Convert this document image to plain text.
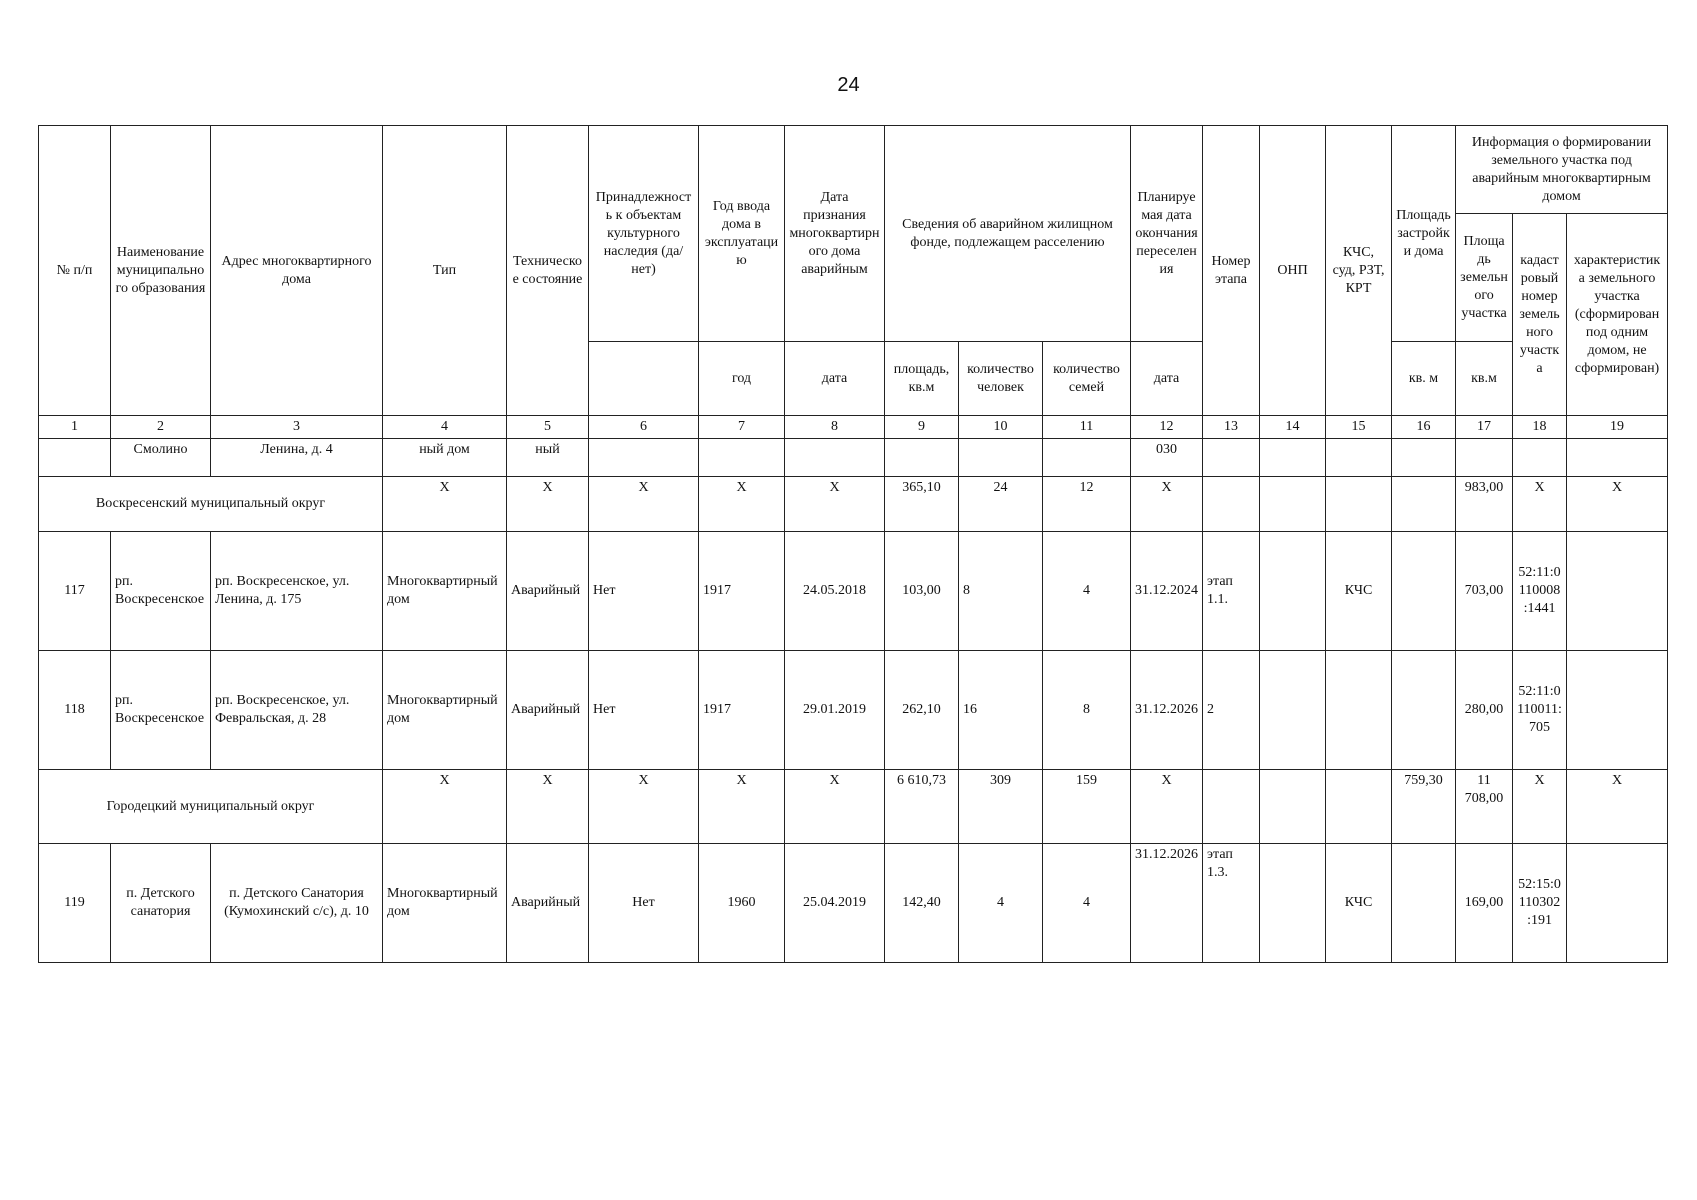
24
№ п/п	Наименование муниципального образования	Адрес многоквартирного дома	Тип	Техническое состояние	Принадлежность к объектам культурного наследия (да/нет)	Год ввода дома в эксплуатацию	Дата признания многоквартирного дома аварийным	Сведения об аварийном жилищном фонде, подлежащем расселению			Планируемая дата окончания переселения	Номер этапа	ОНП	КЧС, суд, РЗТ, КРТ	Площадь застройки дома	Информация о формировании земельного участка под аварийным многоквартирным домом		
																Площадь земельного участка	кадастровый номер земельного участка	характеристика земельного участка (сформирован под одним домом, не сформирован)
						год	дата	площадь, кв.м	количество человек	количество семей	дата				кв. м	кв.м		
1	2	3	4	5	6	7	8	9	10	11	12	13	14	15	16	17	18	19
	Смолино	Ленина, д. 4	ный дом	ный							030							
Воскресенский муниципальный округ			X	X	X	X	X	365,10	24	12	X					983,00	X	X
117	рп. Воскресенское	рп. Воскресенское, ул. Ленина, д. 175	Многоквартирный дом	Аварийный	Нет	1917	24.05.2018	103,00	8	4	31.12.2024	этап 1.1.		КЧС		703,00	52:11:0110008:1441	
118	рп. Воскресенское	рп. Воскресенское, ул. Февральская, д. 28	Многоквартирный дом	Аварийный	Нет	1917	29.01.2019	262,10	16	8	31.12.2026	2				280,00	52:11:0110011:705	
Городецкий муниципальный округ			X	X	X	X	X	6 610,73	309	159	X				759,30	11 708,00	X	X
119	п. Детского санатория	п. Детского Санатория (Кумохинский с/с), д. 10	Многоквартирный дом	Аварийный	Нет	1960	25.04.2019	142,40	4	4	31.12.2026	этап 1.3.		КЧС		169,00	52:15:0110302:191	
